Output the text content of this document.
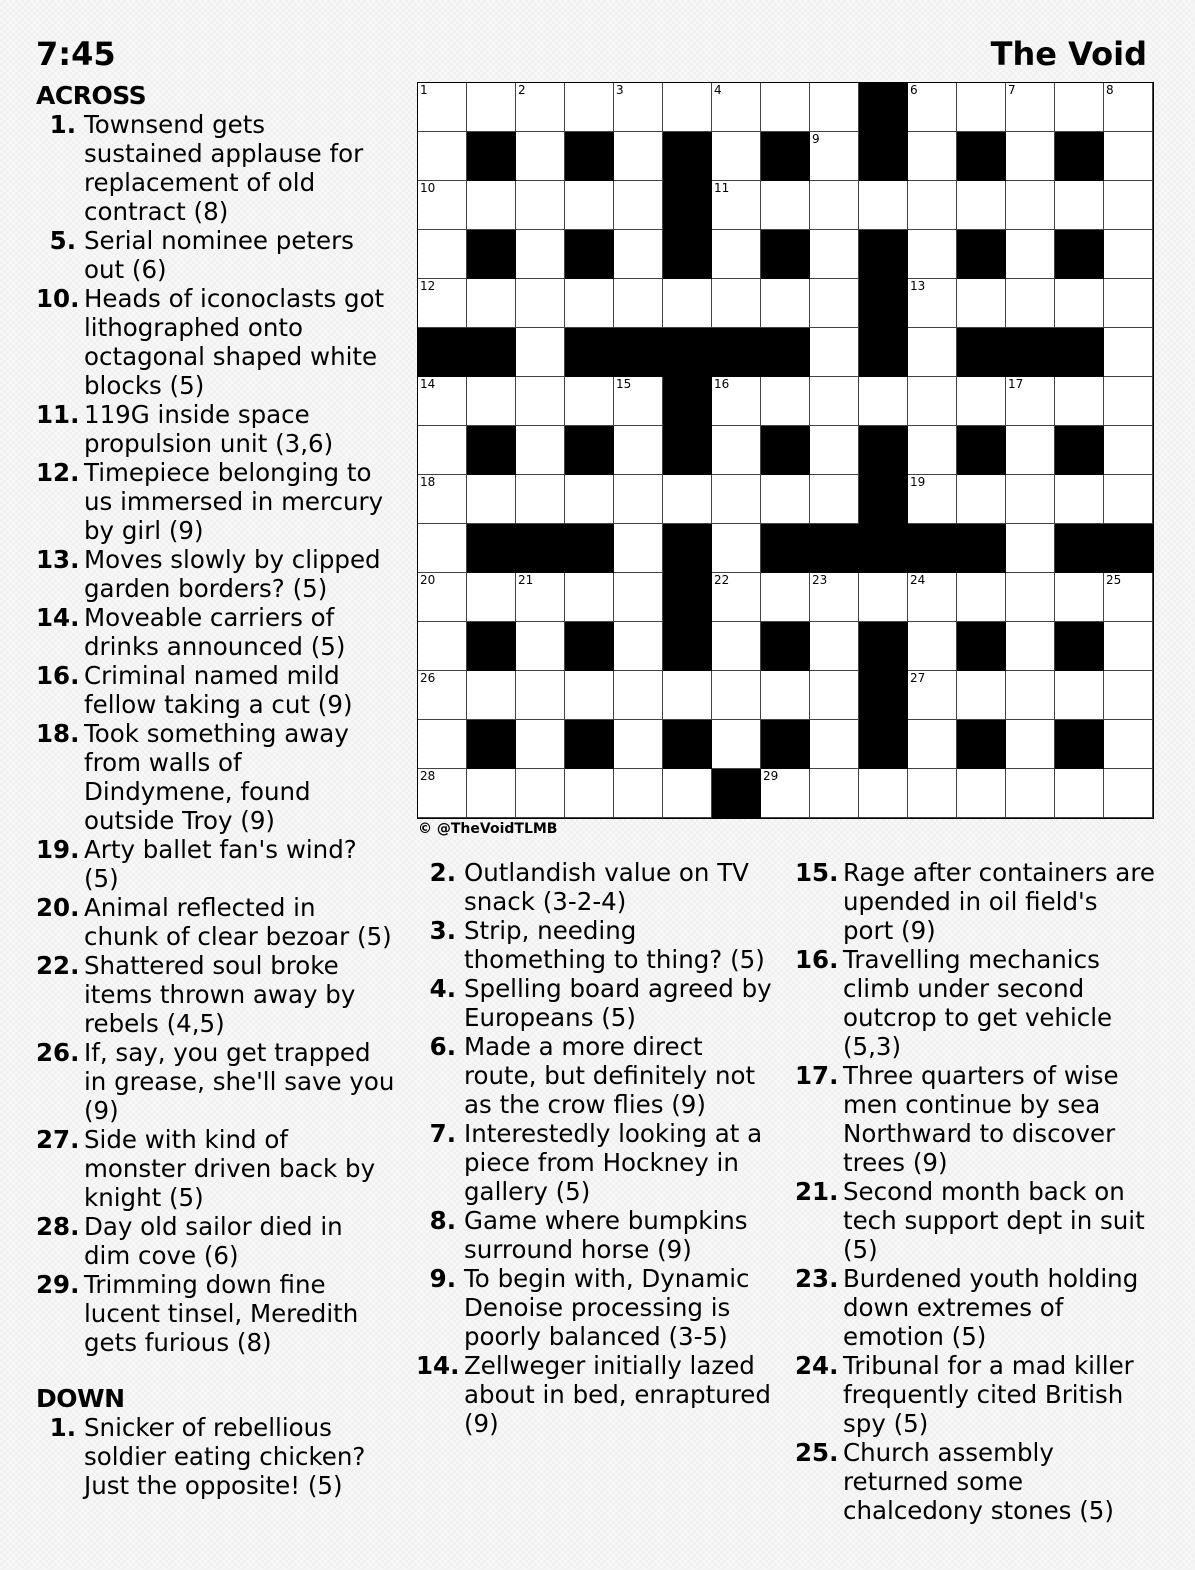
7:45	The Void
ACROSS
1. Townsend gets
sustained applause for
replacement of old
contract (8)
5. Serial nominee peters
out (6)
10. Heads of iconoclasts got
lithographed onto
octagonal shaped white
blocks (5)
11. 119G inside space
propulsion unit (3,6)
12. Timepiece belonging to
us immersed in mercury
by girl (9)
13. Moves slowly by clipped
garden borders? (5)
14. Moveable carriers of
drinks announced (5)
16. Criminal named mild
fellow taking a cut (9)
18. Took something away
from walls of
Dindymene, found
outside Troy (9)
19. Arty ballet fan's wind?
(5)
20. Animal reflected in
chunk of clear bezoar (5)
22. Shattered soul broke
items thrown away by
rebels (4,5)
26. If, say, you get trapped
in grease, she'll save you
(9)
27. Side with kind of
monster driven back by
knight (5)
28. Day old sailor died in
dim cove (6)
29. Trimming down fine
lucent tinsel, Meredith
gets furious (8)
DOWN
1. Snicker of rebellious
soldier eating chicken?
Just the opposite! (5)
2. Outlandish value on TV
snack (3-2-4)
3. Strip, needing
thomething to thing? (5)
4. Spelling board agreed by
Europeans (5)
6. Made a more direct
route, but definitely not
as the crow flies (9)
7. Interestedly looking at a
piece from Hockney in
gallery (5)
8. Game where bumpkins
surround horse (9)
9. To begin with, Dynamic
Denoise processing is
poorly balanced (3-5)
14. Zellweger initially lazed
about in bed, enraptured
(9)
15. Rage after containers are
upended in oil field's
port (9)
16. Travelling mechanics
climb under second
outcrop to get vehicle
(5,3)
17. Three quarters of wise
men continue by sea
Northward to discover
trees (9)
21. Second month back on
tech support dept in suit
(5)
23. Burdened youth holding
down extremes of
emotion (5)
24. Tribunal for a mad killer
frequently cited British
spy (5)
25. Church assembly
returned some
chalcedony stones (5)
1	2	3	4	6	7	8
9
10	11
12	13
14	15	16	17
18	19
20	21	22	23	24	25
26	27
28	29
© @TheVoidTLMB
